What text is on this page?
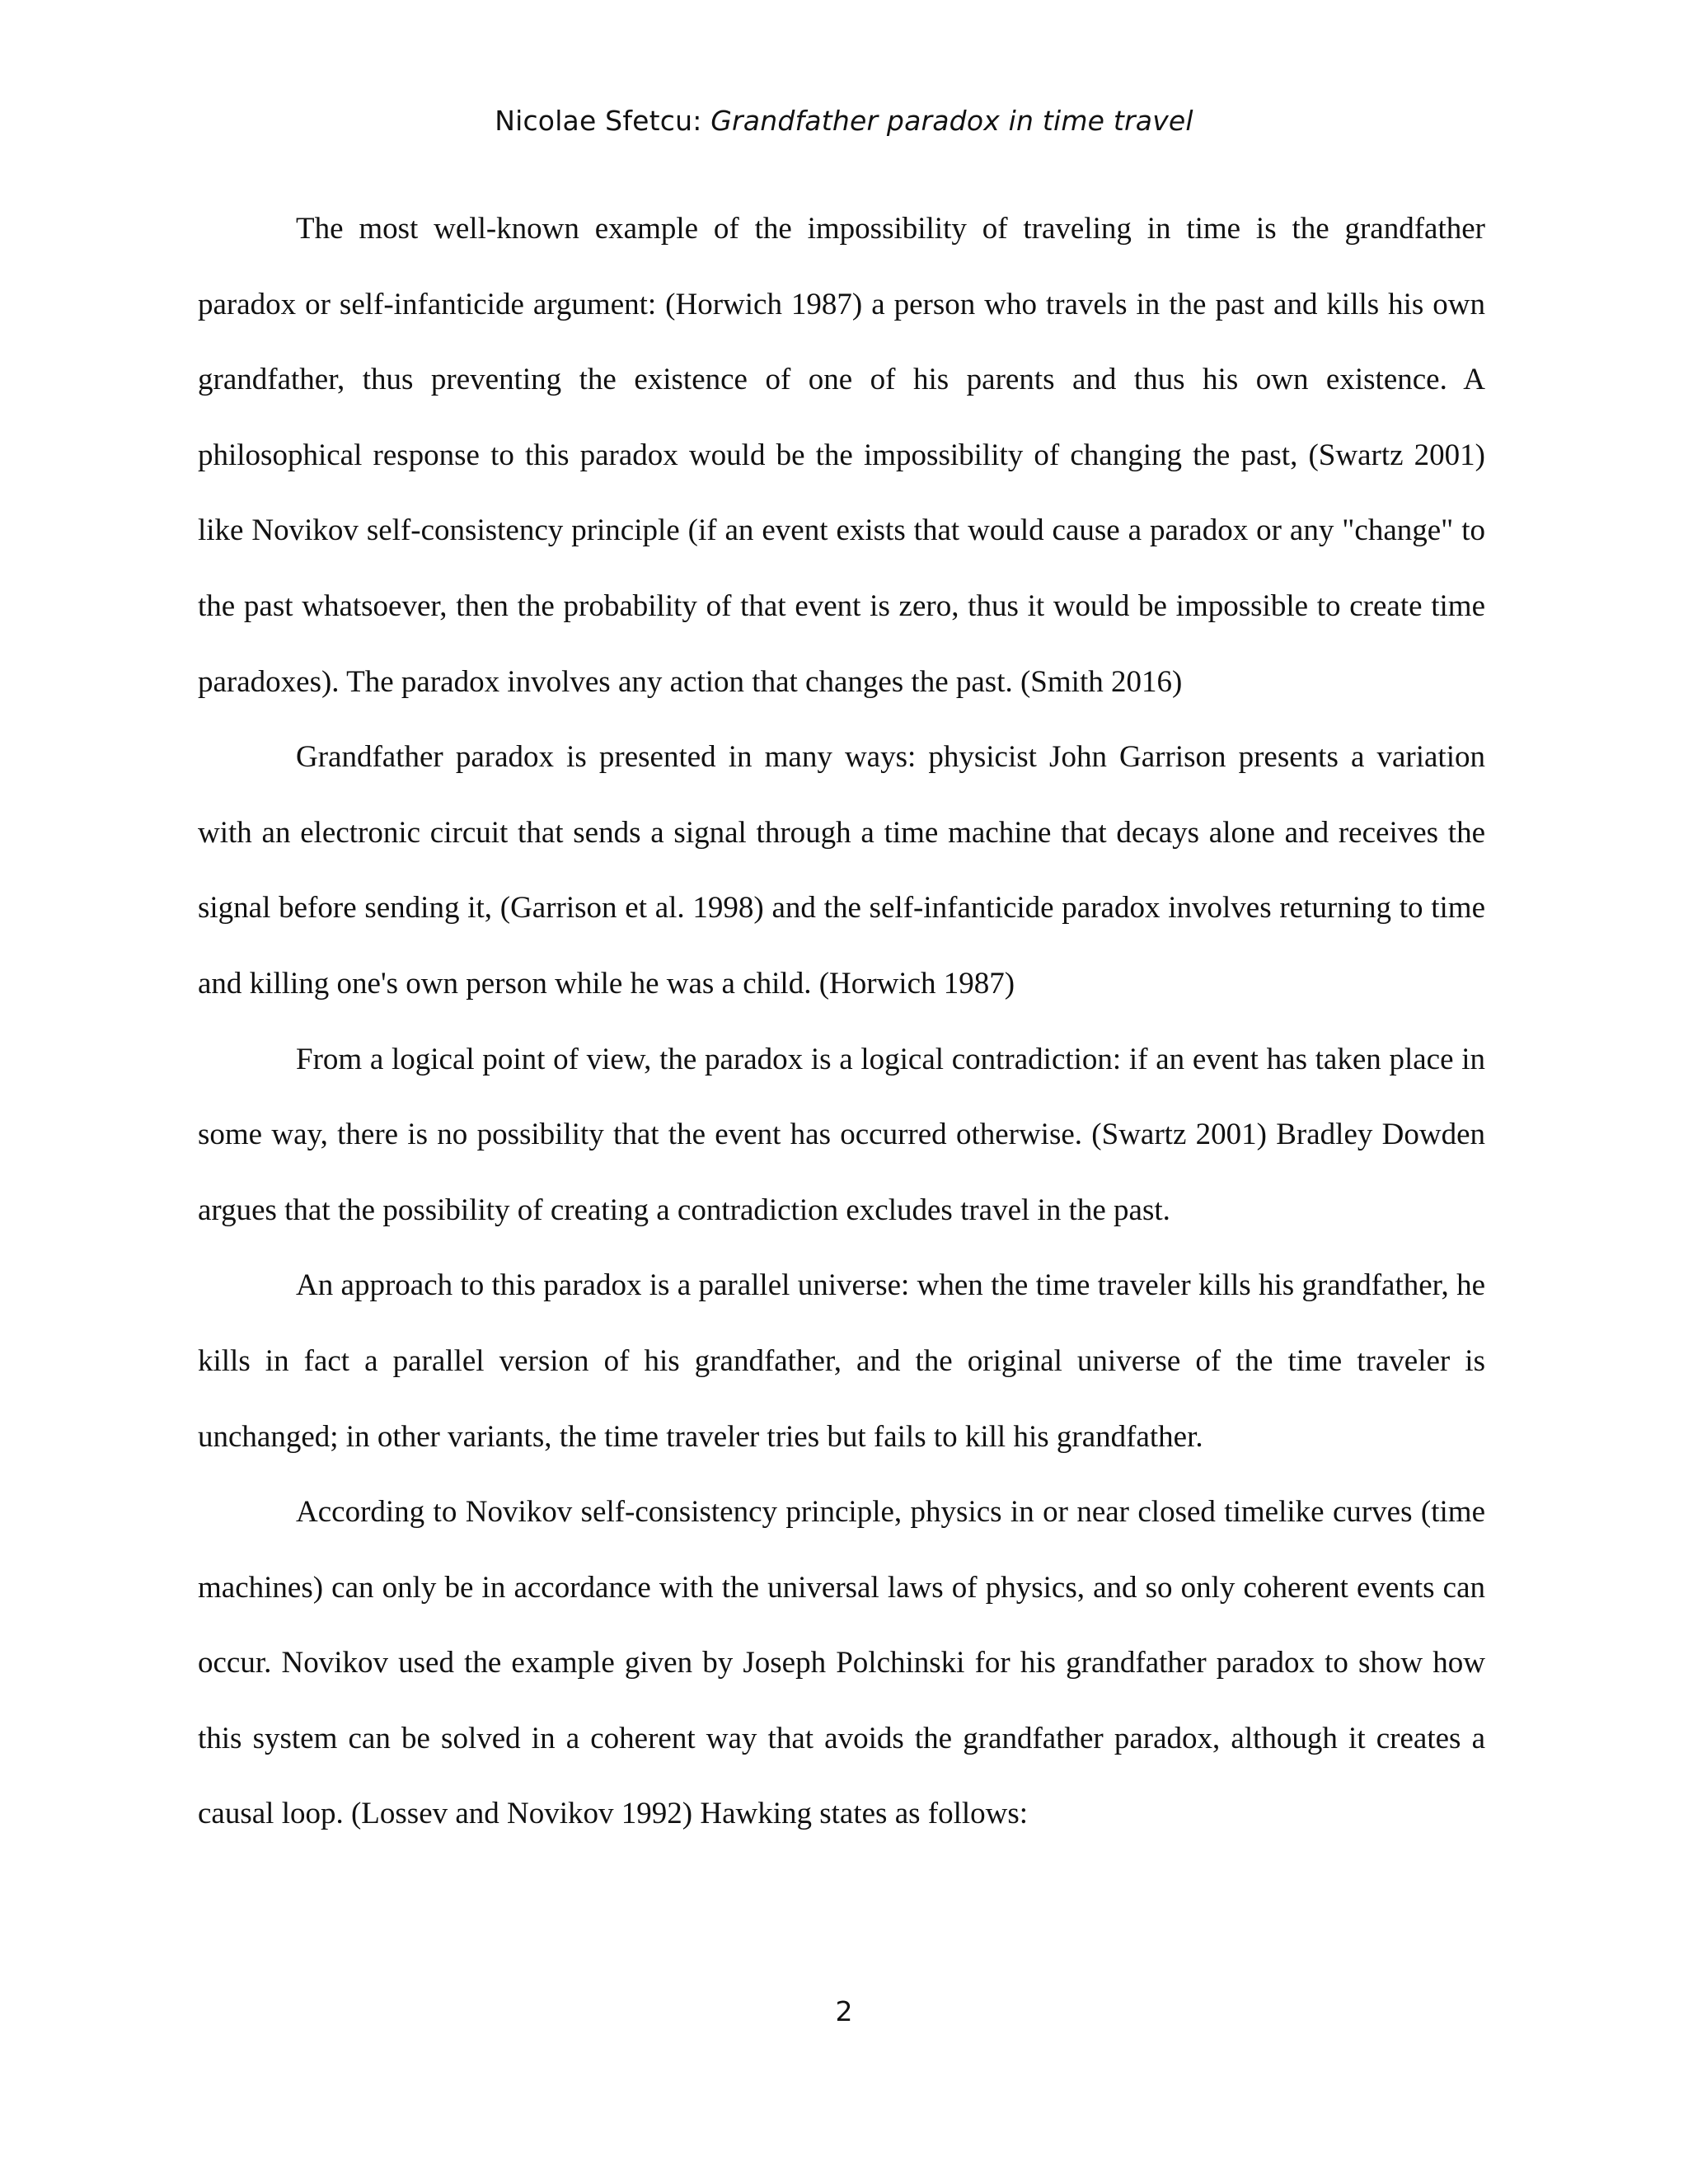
Nicolae Sfetcu: Grandfather paradox in time travel

The most well-known example of the impossibility of traveling in time is the grandfather paradox or self-infanticide argument: (Horwich 1987) a person who travels in the past and kills his own grandfather, thus preventing the existence of one of his parents and thus his own existence. A philosophical response to this paradox would be the impossibility of changing the past, (Swartz 2001) like Novikov self-consistency principle (if an event exists that would cause a paradox or any "change" to the past whatsoever, then the probability of that event is zero, thus it would be impossible to create time paradoxes). The paradox involves any action that changes the past. (Smith 2016)

Grandfather paradox is presented in many ways: physicist John Garrison presents a variation with an electronic circuit that sends a signal through a time machine that decays alone and receives the signal before sending it, (Garrison et al. 1998) and the self-infanticide paradox involves returning to time and killing one's own person while he was a child. (Horwich 1987)

From a logical point of view, the paradox is a logical contradiction: if an event has taken place in some way, there is no possibility that the event has occurred otherwise. (Swartz 2001) Bradley Dowden argues that the possibility of creating a contradiction excludes travel in the past.

An approach to this paradox is a parallel universe: when the time traveler kills his grandfather, he kills in fact a parallel version of his grandfather, and the original universe of the time traveler is unchanged; in other variants, the time traveler tries but fails to kill his grandfather.

According to Novikov self-consistency principle, physics in or near closed timelike curves (time machines) can only be in accordance with the universal laws of physics, and so only coherent events can occur. Novikov used the example given by Joseph Polchinski for his grandfather paradox to show how this system can be solved in a coherent way that avoids the grandfather paradox, although it creates a causal loop. (Lossev and Novikov 1992) Hawking states as follows:

2
